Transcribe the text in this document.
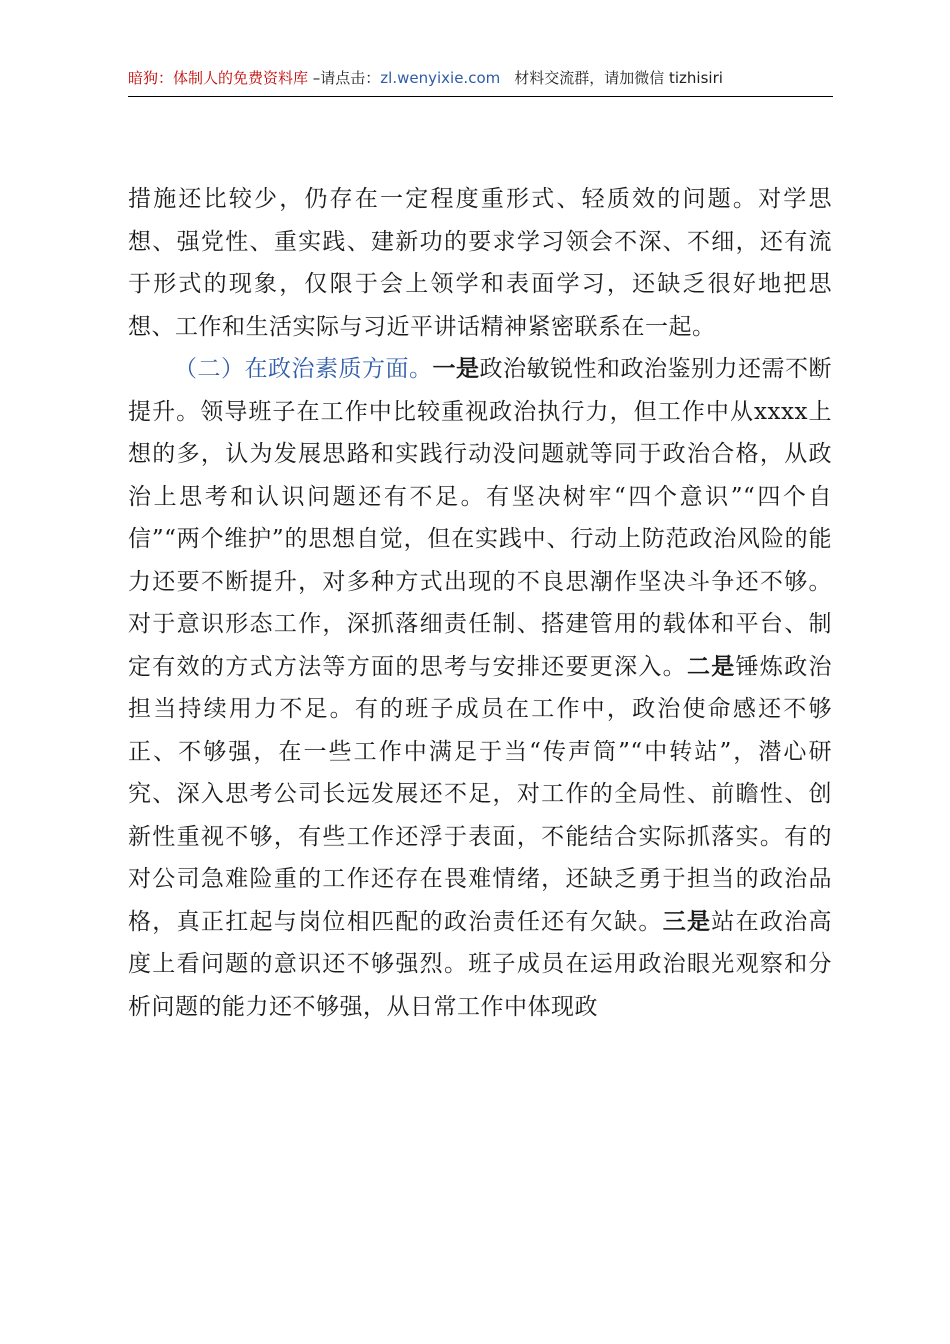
暗狗：体制人的免费资料库 –请点击：zl.wenyixie.com 材料交流群，请加微信 tizhisiri

措施还比较少，仍存在一定程度重形式、轻质效的问题。对学思想、强党性、重实践、建新功的要求学习领会不深、不细，还有流于形式的现象，仅限于会上领学和表面学习，还缺乏很好地把思想、工作和生活实际与习近平讲话精神紧密联系在一起。

（二）在政治素质方面。一是政治敏锐性和政治鉴别力还需不断提升。领导班子在工作中比较重视政治执行力，但工作中从xxxx上想的多，认为发展思路和实践行动没问题就等同于政治合格，从政治上思考和认识问题还有不足。有坚决树牢“四个意识”“四个自信”“两个维护”的思想自觉，但在实践中、行动上防范政治风险的能力还要不断提升，对多种方式出现的不良思潮作坚决斗争还不够。对于意识形态工作，深抓落细责任制、搭建管用的载体和平台、制定有效的方式方法等方面的思考与安排还要更深入。二是锤炼政治担当持续用力不足。有的班子成员在工作中，政治使命感还不够正、不够强，在一些工作中满足于当“传声筒”“中转站”，潜心研究、深入思考公司长远发展还不足，对工作的全局性、前瞻性、创新性重视不够，有些工作还浮于表面，不能结合实际抓落实。有的对公司急难险重的工作还存在畏难情绪，还缺乏勇于担当的政治品格，真正扛起与岗位相匹配的政治责任还有欠缺。三是站在政治高度上看问题的意识还不够强烈。班子成员在运用政治眼光观察和分析问题的能力还不够强，从日常工作中体现政
